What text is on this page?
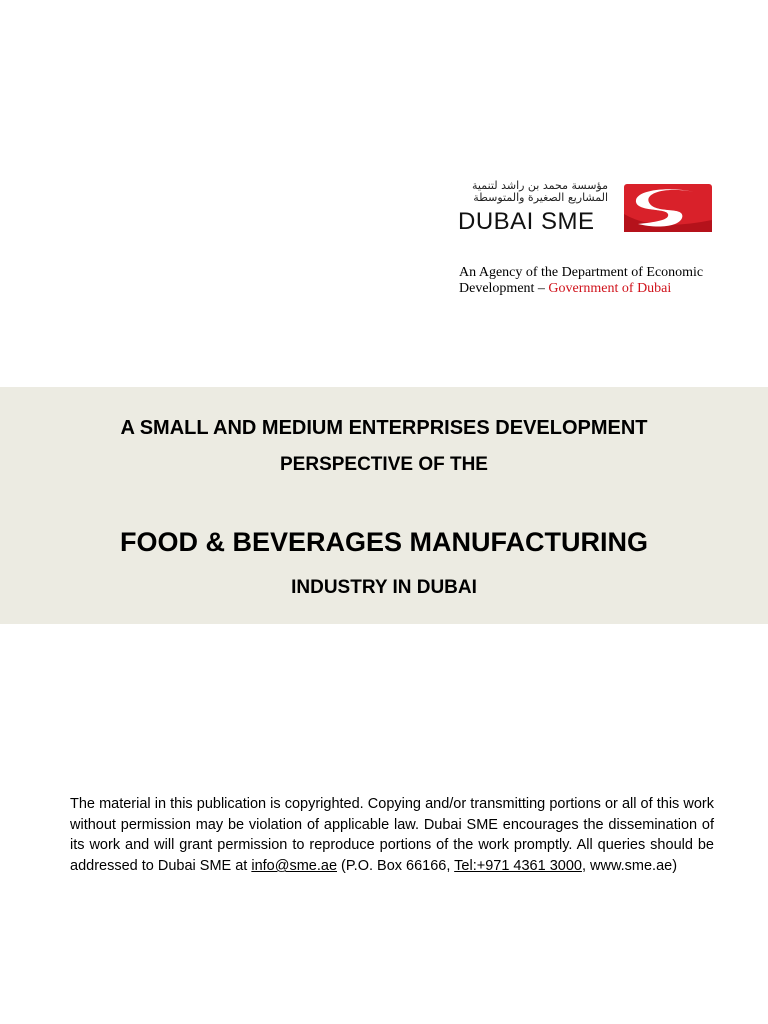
مؤسسة محمد بن راشد لتنمية
المشاريع الصغيرة والمتوسطة
DUBAI SME
An Agency of the Department of Economic
Development – Government of Dubai
A SMALL AND MEDIUM ENTERPRISES DEVELOPMENT
PERSPECTIVE OF THE
FOOD & BEVERAGES MANUFACTURING
INDUSTRY IN DUBAI
The material in this publication is copyrighted. Copying and/or transmitting portions or all of this work without permission may be violation of applicable law. Dubai SME encourages the dissemination of its work and will grant permission to reproduce portions of the work promptly. All queries should be addressed to Dubai SME at info@sme.ae (P.O. Box 66166, Tel:+971 4361 3000, www.sme.ae)
